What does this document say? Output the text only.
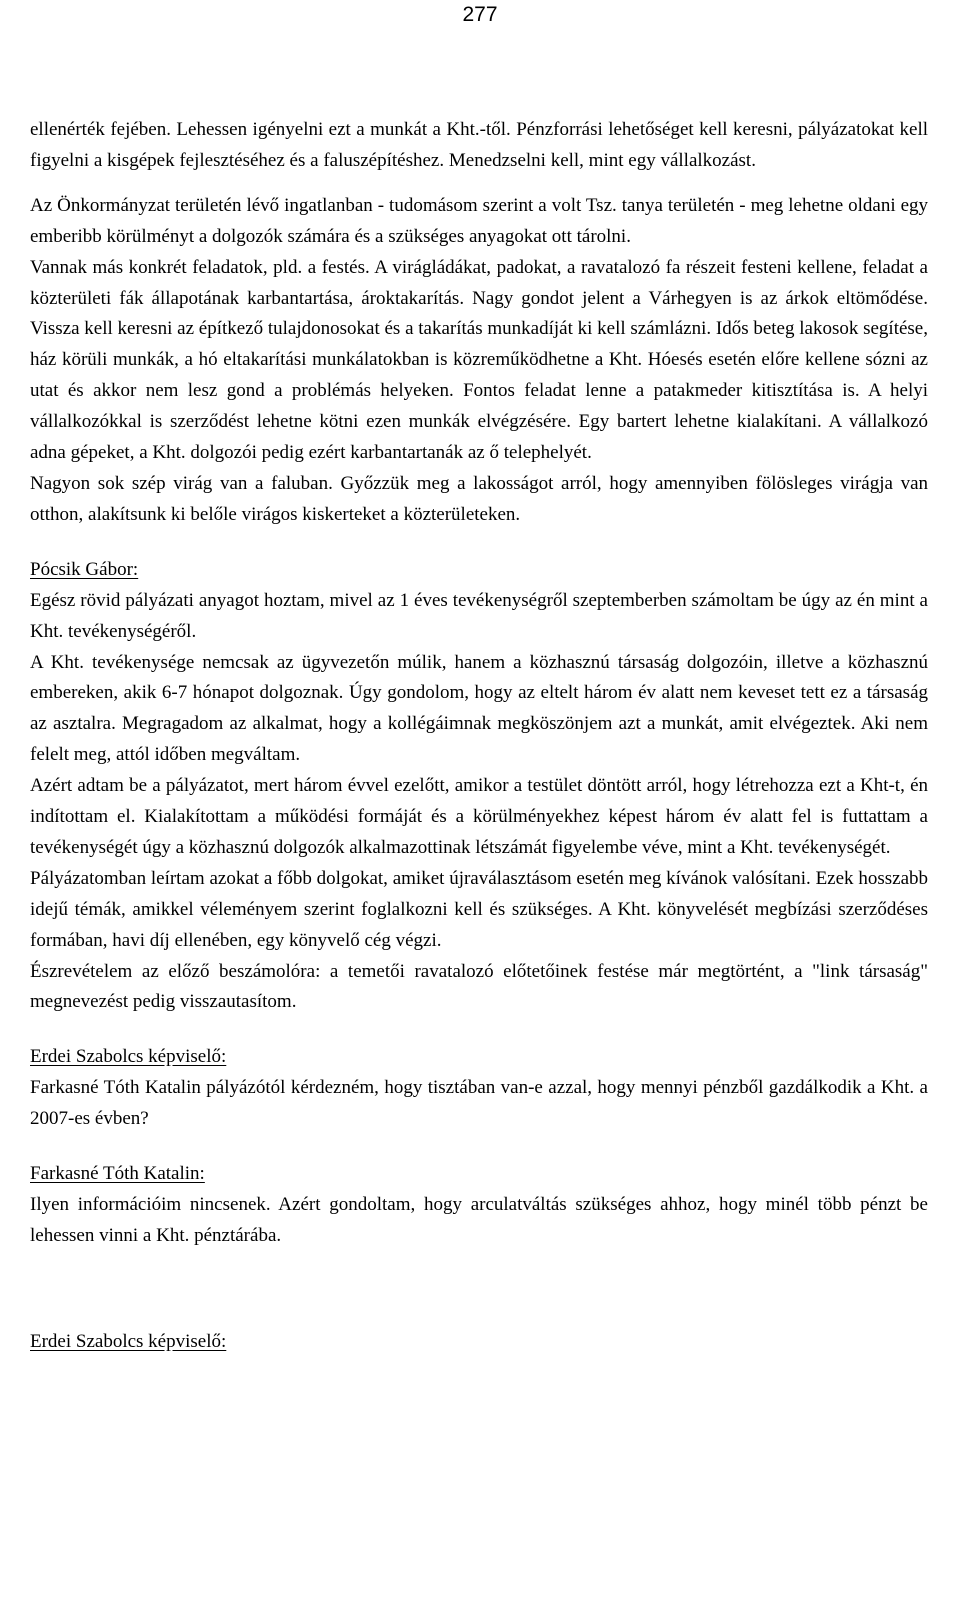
277

ellenérték fejében. Lehessen igényelni ezt a munkát a Kht.-től. Pénzforrási lehetőséget kell keresni, pályázatokat kell figyelni a kisgépek fejlesztéséhez és a faluszépítéshez. Menedzselni kell, mint egy vállalkozást.

Az Önkormányzat területén lévő ingatlanban - tudomásom szerint a volt Tsz. tanya területén - meg lehetne oldani egy emberibb körülményt a dolgozók számára és a szükséges anyagokat ott tárolni.

Vannak más konkrét feladatok, pld. a festés. A virágládákat, padokat, a ravatalozó fa részeit festeni kellene, feladat a közterületi fák állapotának karbantartása, ároktakarítás. Nagy gondot jelent a Várhegyen is az árkok eltömődése. Vissza kell keresni az építkező tulajdonosokat és a takarítás munkadíját ki kell számlázni. Idős beteg lakosok segítése, ház körüli munkák, a hó eltakarítási munkálatokban is közreműködhetne a Kht. Hóesés esetén előre kellene sózni az utat és akkor nem lesz gond a problémás helyeken. Fontos feladat lenne a patakmeder kitisztítása is. A helyi vállalkozókkal is szerződést lehetne kötni ezen munkák elvégzésére. Egy bartert lehetne kialakítani. A vállalkozó adna gépeket, a Kht. dolgozói pedig ezért karbantartanák az ő telephelyét.

Nagyon sok szép virág van a faluban. Győzzük meg a lakosságot arról, hogy amennyiben fölösleges virágja van otthon, alakítsunk ki belőle virágos kiskerteket a közterületeken.

Pócsik Gábor:

Egész rövid pályázati anyagot hoztam, mivel az 1 éves tevékenységről szeptemberben számoltam be úgy az én mint a Kht. tevékenységéről.

A Kht. tevékenysége nemcsak az ügyvezetőn múlik, hanem a közhasznú társaság dolgozóin, illetve a közhasznú embereken, akik 6-7 hónapot dolgoznak. Úgy gondolom, hogy az eltelt három év alatt nem keveset tett ez a társaság az asztalra. Megragadom az alkalmat, hogy a kollégáimnak megköszönjem azt a munkát, amit elvégeztek. Aki nem felelt meg, attól időben megváltam.

Azért adtam be a pályázatot, mert három évvel ezelőtt, amikor a testület döntött arról, hogy létrehozza ezt a Kht-t, én indítottam el. Kialakítottam a működési formáját és a körülményekhez képest három év alatt fel is futtattam a tevékenységét úgy a közhasznú dolgozók alkalmazottinak létszámát figyelembe véve, mint a Kht. tevékenységét.

Pályázatomban leírtam azokat a főbb dolgokat, amiket újraválasztásom esetén meg kívánok valósítani. Ezek hosszabb idejű témák, amikkel véleményem szerint foglalkozni kell és szükséges. A Kht. könyvelését megbízási szerződéses formában, havi díj ellenében, egy könyvelő cég végzi.

Észrevételem az előző beszámolóra: a temetői ravatalozó előtetőinek festése már megtörtént, a "link társaság" megnevezést pedig visszautasítom.

Erdei Szabolcs képviselő:

Farkasné Tóth Katalin pályázótól kérdezném, hogy tisztában van-e azzal, hogy mennyi pénzből gazdálkodik a Kht. a 2007-es évben?

Farkasné Tóth Katalin:

Ilyen információim nincsenek. Azért gondoltam, hogy arculatváltás szükséges ahhoz, hogy minél több pénzt be lehessen vinni a Kht. pénztárába.

Erdei Szabolcs képviselő:
